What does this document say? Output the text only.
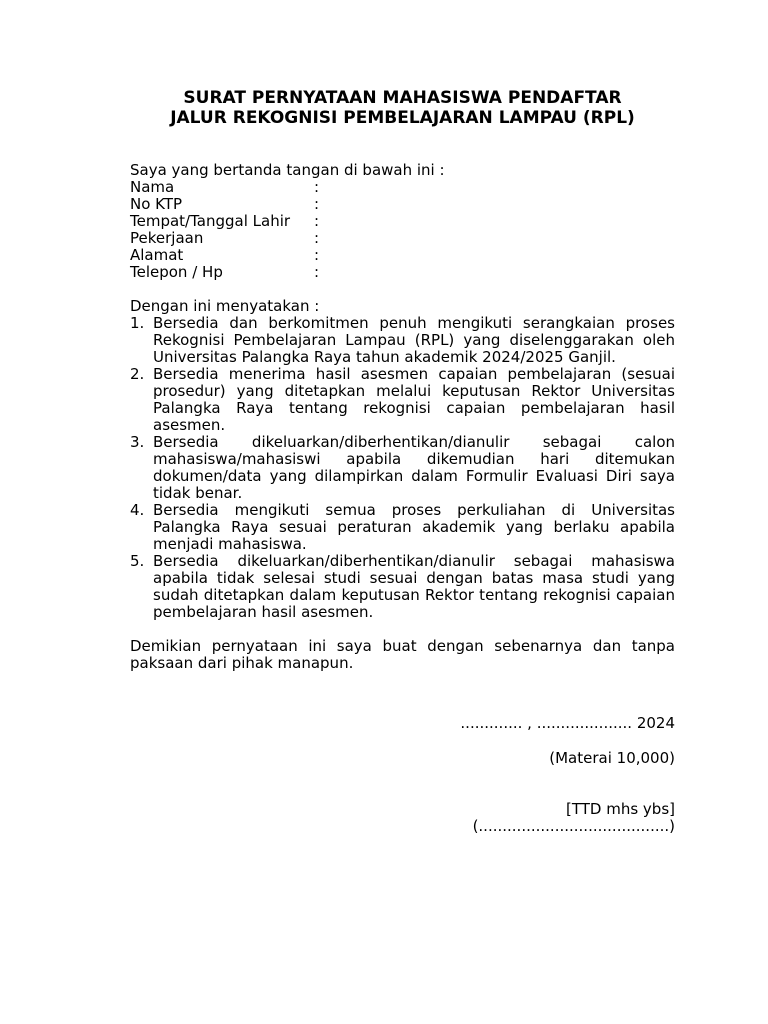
SURAT PERNYATAAN MAHASISWA PENDAFTAR

JALUR REKOGNISI PEMBELAJARAN LAMPAU (RPL)

Saya yang bertanda tangan di bawah ini :
Nama	:
No KTP	:
Tempat/Tanggal Lahir	:
Pekerjaan	:
Alamat	:
Telepon / Hp	:
Dengan ini menyatakan :
1. Bersedia dan berkomitmen penuh mengikuti serangkaian proses Rekognisi Pembelajaran Lampau (RPL) yang diselenggarakan oleh Universitas Palangka Raya tahun akademik 2024/2025 Ganjil.
2. Bersedia menerima hasil asesmen capaian pembelajaran (sesuai prosedur) yang ditetapkan melalui keputusan Rektor Universitas Palangka Raya tentang rekognisi capaian pembelajaran hasil asesmen.
3. Bersedia dikeluarkan/diberhentikan/dianulir sebagai calon mahasiswa/mahasiswi apabila dikemudian hari ditemukan dokumen/data yang dilampirkan dalam Formulir Evaluasi Diri saya tidak benar.
4. Bersedia mengikuti semua proses perkuliahan di Universitas Palangka Raya sesuai peraturan akademik yang berlaku apabila menjadi mahasiswa.
5. Bersedia dikeluarkan/diberhentikan/dianulir sebagai mahasiswa apabila tidak selesai studi sesuai dengan batas masa studi yang sudah ditetapkan dalam keputusan Rektor tentang rekognisi capaian pembelajaran hasil asesmen.
Demikian pernyataan ini saya buat dengan sebenarnya dan tanpa paksaan dari pihak manapun.
............. , .................... 2024
(Materai 10,000)
[TTD mhs ybs]
(........................................)
